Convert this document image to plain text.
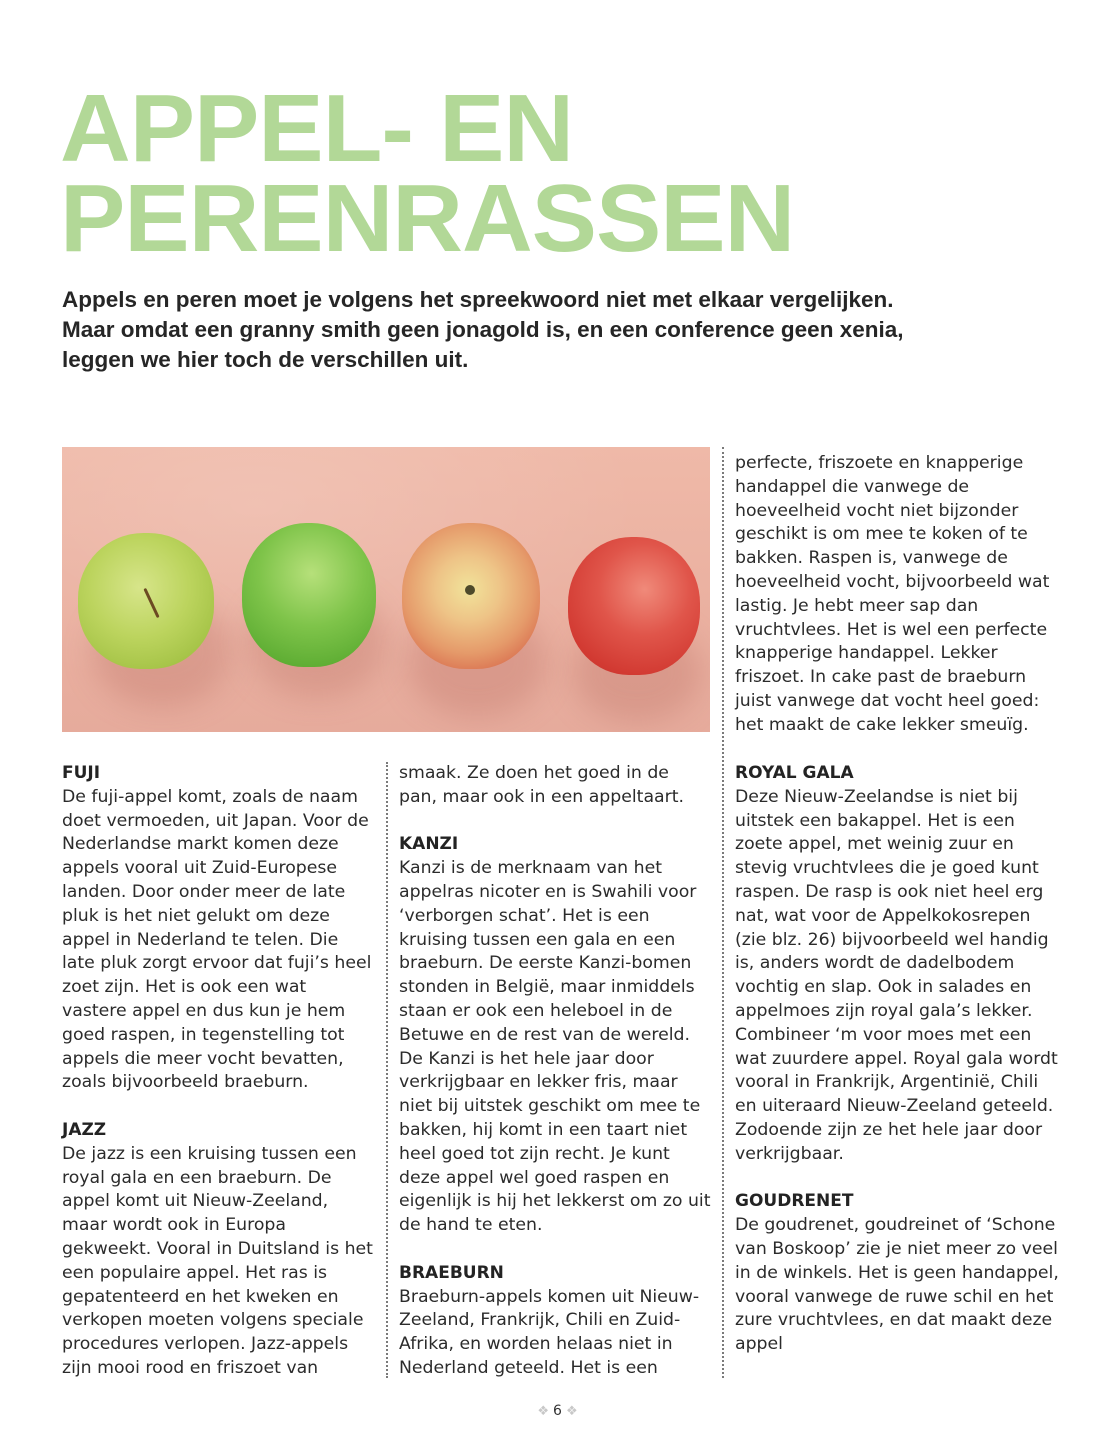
APPEL- EN
PERENRASSEN

Appels en peren moet je volgens het spreekwoord niet met elkaar vergelijken. Maar omdat een granny smith geen jonagold is, en een conference geen xenia, leggen we hier toch de verschillen uit.

perfecte, friszoete en knapperige handappel die vanwege de hoeveelheid vocht niet bijzonder geschikt is om mee te koken of te bakken. Raspen is, vanwege de hoeveelheid vocht, bijvoorbeeld wat lastig. Je hebt meer sap dan vruchtvlees. Het is wel een perfecte knapperige handappel. Lekker friszoet. In cake past de braeburn juist vanwege dat vocht heel goed: het maakt de cake lekker smeuïg.

FUJI

De fuji-appel komt, zoals de naam doet vermoeden, uit Japan. Voor de Nederlandse markt komen deze appels vooral uit Zuid-Europese landen. Door onder meer de late pluk is het niet gelukt om deze appel in Nederland te telen. Die late pluk zorgt ervoor dat fuji’s heel zoet zijn. Het is ook een wat vastere appel en dus kun je hem goed raspen, in tegenstelling tot appels die meer vocht bevatten, zoals bijvoorbeeld braeburn.

JAZZ

De jazz is een kruising tussen een royal gala en een braeburn. De appel komt uit Nieuw-Zeeland, maar wordt ook in Europa gekweekt. Vooral in Duitsland is het een populaire appel. Het ras is gepatenteerd en het kweken en verkopen moeten volgens speciale procedures verlopen. Jazz-appels zijn mooi rood en friszoet van

smaak. Ze doen het goed in de pan, maar ook in een appeltaart.

KANZI

Kanzi is de merknaam van het appelras nicoter en is Swahili voor ‘verborgen schat’. Het is een kruising tussen een gala en een braeburn. De eerste Kanzi-bomen stonden in België, maar inmiddels staan er ook een heleboel in de Betuwe en de rest van de wereld. De Kanzi is het hele jaar door verkrijgbaar en lekker fris, maar niet bij uitstek geschikt om mee te bakken, hij komt in een taart niet heel goed tot zijn recht. Je kunt deze appel wel goed raspen en eigenlijk is hij het lekkerst om zo uit de hand te eten.

BRAEBURN

Braeburn-appels komen uit Nieuw-Zeeland, Frankrijk, Chili en Zuid-Afrika, en worden helaas niet in Nederland geteeld. Het is een

ROYAL GALA

Deze Nieuw-Zeelandse is niet bij uitstek een bakappel. Het is een zoete appel, met weinig zuur en stevig vruchtvlees die je goed kunt raspen. De rasp is ook niet heel erg nat, wat voor de Appelkokosrepen (zie blz. 26) bijvoorbeeld wel handig is, anders wordt de dadelbodem vochtig en slap. Ook in salades en appelmoes zijn royal gala’s lekker. Combineer ‘m voor moes met een wat zuurdere appel. Royal gala wordt vooral in Frankrijk, Argentinië, Chili en uiteraard Nieuw-Zeeland geteeld. Zodoende zijn ze het hele jaar door verkrijgbaar.

GOUDRENET

De goudrenet, goudreinet of ‘Schone van Boskoop’ zie je niet meer zo veel in de winkels. Het is geen handappel, vooral vanwege de ruwe schil en het zure vruchtvlees, en dat maakt deze appel

❖ 6 ❖
